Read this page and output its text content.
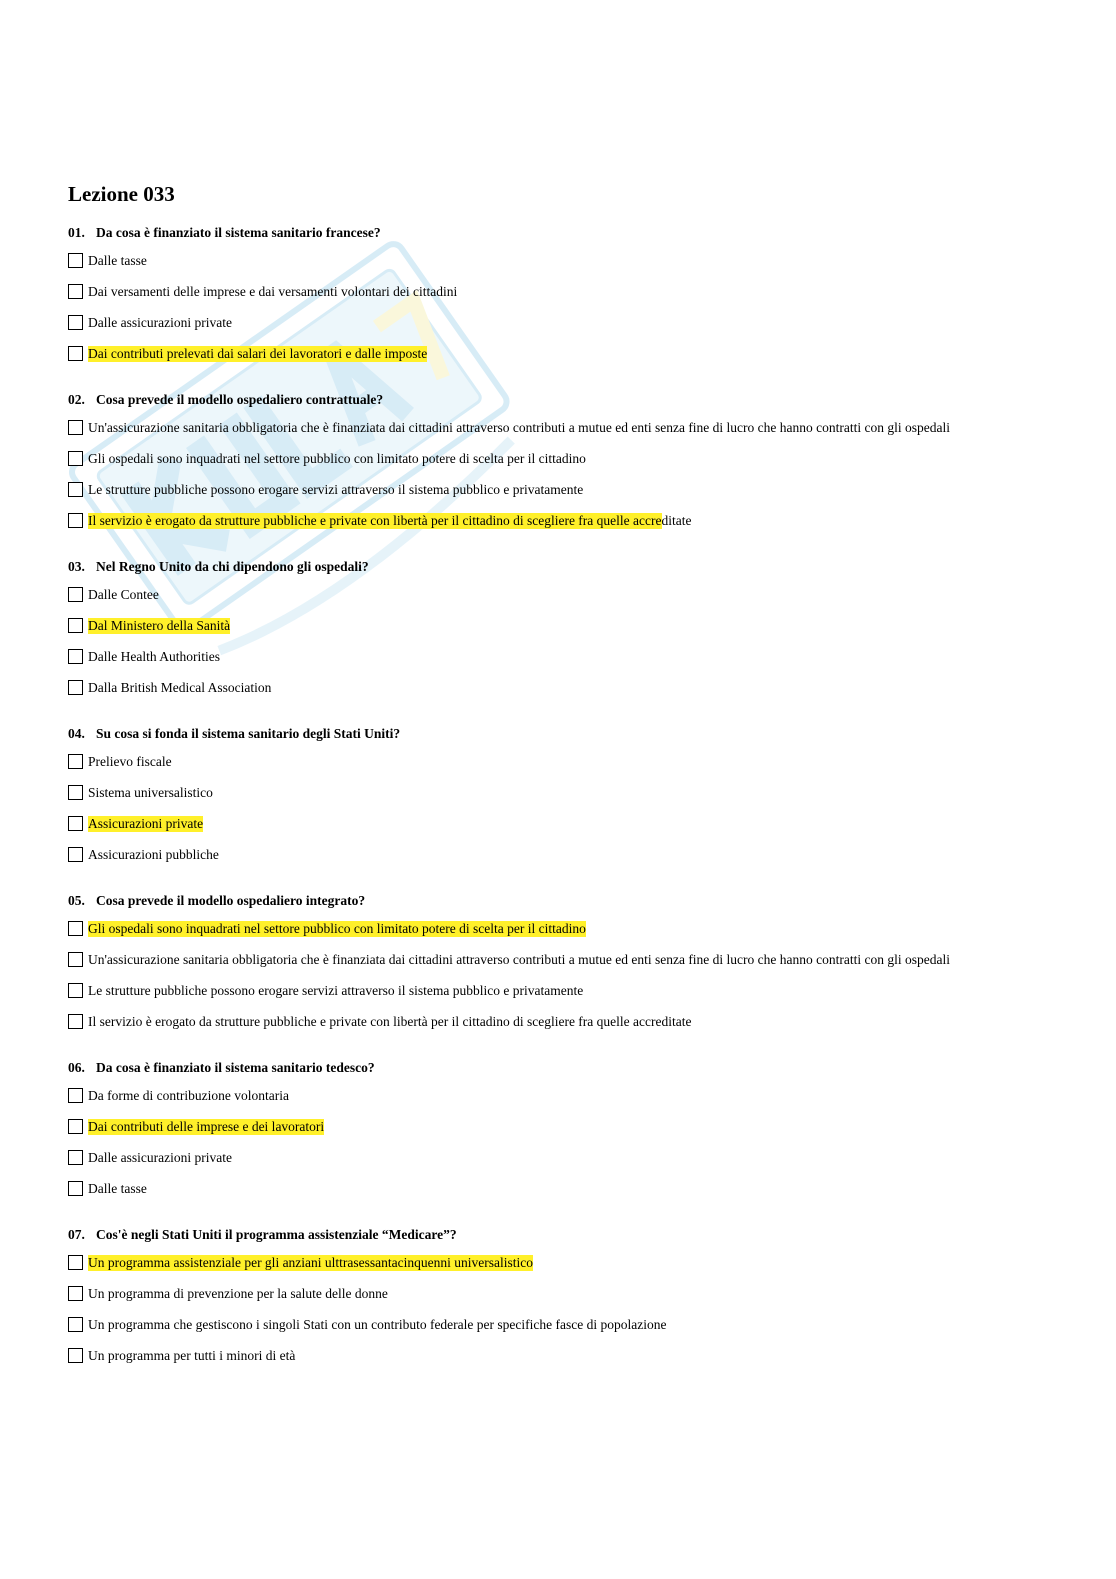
Lezione 033
01. Da cosa è finanziato il sistema sanitario francese?
Dalle tasse
Dai versamenti delle imprese e dai versamenti volontari dei cittadini
Dalle assicurazioni private
Dai contributi prelevati dai salari dei lavoratori e dalle imposte
02. Cosa prevede il modello ospedaliero contrattuale?
Un'assicurazione sanitaria obbligatoria che è finanziata dai cittadini attraverso contributi a mutue ed enti senza fine di lucro che hanno contratti con gli ospedali
Gli ospedali sono inquadrati nel settore pubblico con limitato potere di scelta per il cittadino
Le strutture pubbliche possono erogare servizi attraverso il sistema pubblico e privatamente
Il servizio è erogato da strutture pubbliche e private con libertà per il cittadino di scegliere fra quelle accre ditate
03. Nel Regno Unito da chi dipendono gli ospedali?
Dalle Contee
Dal Ministero della Sanità
Dalle Health Authorities
Dalla British Medical Association
04. Su cosa si fonda il sistema sanitario degli Stati Uniti?
Prelievo fiscale
Sistema universalistico
Assicurazioni private
Assicurazioni pubbliche
05. Cosa prevede il modello ospedaliero integrato?
Gli ospedali sono inquadrati nel settore pubblico con limitato potere di scelta per il cittadino
Un'assicurazione sanitaria obbligatoria che è finanziata dai cittadini attraverso contributi a mutue ed enti senza fine di lucro che hanno contratti con gli ospedali
Le strutture pubbliche possono erogare servizi attraverso il sistema pubblico e privatamente
Il servizio è erogato da strutture pubbliche e private con libertà per il cittadino di scegliere fra quelle accreditate
06. Da cosa è finanziato il sistema sanitario tedesco?
Da forme di contribuzione volontaria
Dai contributi delle imprese e dei lavoratori
Dalle assicurazioni private
Dalle tasse
07. Cos'è negli Stati Uniti il programma assistenziale “Medicare”?
Un programma assistenziale per gli anziani ulttrasessantacinquenni universalistico
Un programma di prevenzione per la salute delle donne
Un programma che gestiscono i singoli Stati con un contributo federale per specifiche fasce di popolazione
Un programma per tutti i minori di età
